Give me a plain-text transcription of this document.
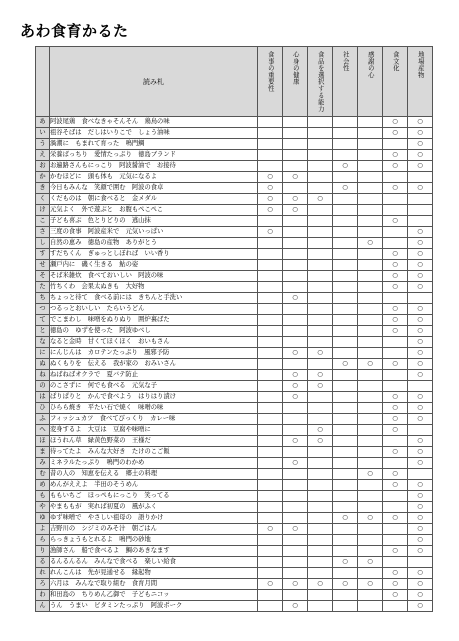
あわ食育かるた
	読み札	食事の重要性	心身の健康	食品を選択する能力	社会性	感謝の心	食文化	地場産物
あ	阿波尾鶏　食べなきゃそんそん　鶏鳥の味						○	○
い	祖谷そばは　だしはいりこで　しょう油味						○	○
う	渦潮に　もまれて育った　鳴門鯛							○
え	栄養ばっちり　愛情たっぷり　徳島ブランド						○	○
お	お遍路さんもにっこり　阿波醤油で　お接待				○		○	○
か	かむほどに　頭も体も　元気になるよ	○	○					
き	今日もみんな　笑顔で囲む　阿波の食卓	○			○		○	○
く	くだものは　朝に食べると　金メダル	○	○	○				
け	元気よく　外で遊ぶと　お腹もぺこぺこ	○	○					
こ	子ども喜ぶ　色とりどりの　逃山抹						○	
さ	三度の食事　阿波産米で　元気いっぱい	○						○
し	自然の恵み　徳島の産物　ありがとう					○		○
す	すだちくん　ぎゅっとしぼれば　いい香り						○	○
せ	瀬戸内に　磯く生きる　鮎の姿						○	○
そ	そば米雑炊　食べておいしい　阿波の味						○	○
た	竹ちくわ　会果太ぬきも　大好物						○	○
ち	ちょっと待て　食べる前には　きちんと手洗い		○					
つ	つるっとおいしい　たらいうどん						○	○
て	でこまわし　味噌をぬりぬり　囲炉裏ばた						○	○
と	徳島の　ゆずを使った　阿波ゆべし						○	○
な	なると金時　甘くてほくほく　おいもさん							○
に	にんじんは　カロテンたっぷり　風邪予防		○	○				○
ぬ	ぬくもりを　伝える　我が家の　おみいさん				○	○	○	○
ね	ねばねばオクラで　夏バテ防止		○	○				○
の	のこさずに　何でも食べる　元気な子		○	○				
は	ぱりぱりと　かんで食べよう　はりはり漬け		○				○	○
ひ	ひらら焼き　平たい石で焼く　味噌の味						○	○
ふ	フィッシュカツ　食べてびっくり　カレー味						○	○
へ	変身するよ　大豆は　豆腐や味噌に			○			○	
ほ	ほうれん草　緑黄色野菜の　王様だ		○	○				○
ま	待ってたよ　みんな大好き　たけのこご飯						○	○
み	ミネラルたっぷり　鳴門のわかめ		○					○
む	昔の人の　知恵を伝える　郷土の料理					○	○	
め	めんがええよ　半田のそうめん						○	○
も	ももいちご　ほっぺもにっこり　笑ってる							○
や	やまももが　実れば初夏の　風がふく							○
ゆ	ゆず味噌で　やさしい祖母の　語りかけ				○	○	○	○
よ	吉野川の　シジミのみそ汁　朝ごはん	○	○					○
ら	らっきょうもとれるよ　鳴門の砂地							○
り	漁師さん　船で食べるよ　鯛のあきなます						○	○
る	るんるんるん　みんなで食べる　楽しい給食				○	○		
れ	れんこんは　先が見通せる　縁起物						○	○
ろ	六月は　みんなで取り組む　食育月間	○	○	○	○	○	○	○
わ	和田島の　ちりめん乙御で　子どもニコッ						○	○
ん	うん　うまい　ビタミンたっぷり　阿波ポーク		○					○
